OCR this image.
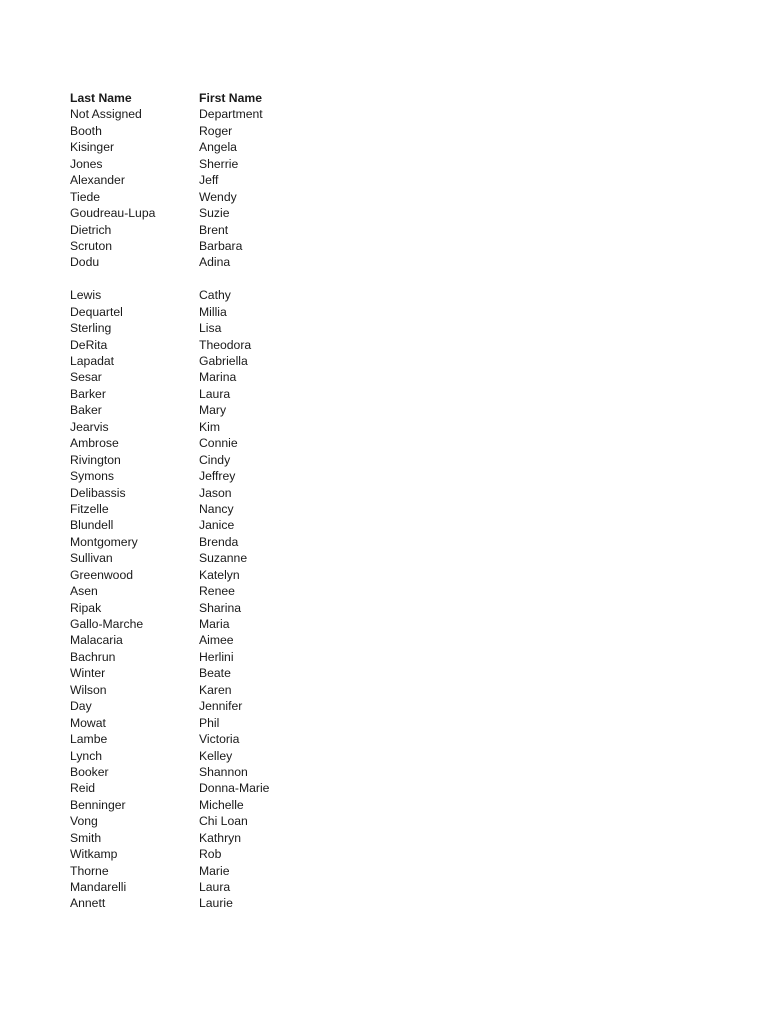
Last Name	First Name
Not Assigned	Department
Booth	Roger
Kisinger	Angela
Jones	Sherrie
Alexander	Jeff
Tiede	Wendy
Goudreau-Lupa	Suzie
Dietrich	Brent
Scruton	Barbara
Dodu	Adina
Lewis	Cathy
Dequartel	Millia
Sterling	Lisa
DeRita	Theodora
Lapadat	Gabriella
Sesar	Marina
Barker	Laura
Baker	Mary
Jearvis	Kim
Ambrose	Connie
Rivington	Cindy
Symons	Jeffrey
Delibassis	Jason
Fitzelle	Nancy
Blundell	Janice
Montgomery	Brenda
Sullivan	Suzanne
Greenwood	Katelyn
Asen	Renee
Ripak	Sharina
Gallo-Marche	Maria
Malacaria	Aimee
Bachrun	Herlini
Winter	Beate
Wilson	Karen
Day	Jennifer
Mowat	Phil
Lambe	Victoria
Lynch	Kelley
Booker	Shannon
Reid	Donna-Marie
Benninger	Michelle
Vong	Chi Loan
Smith	Kathryn
Witkamp	Rob
Thorne	Marie
Mandarelli	Laura
Annett	Laurie
